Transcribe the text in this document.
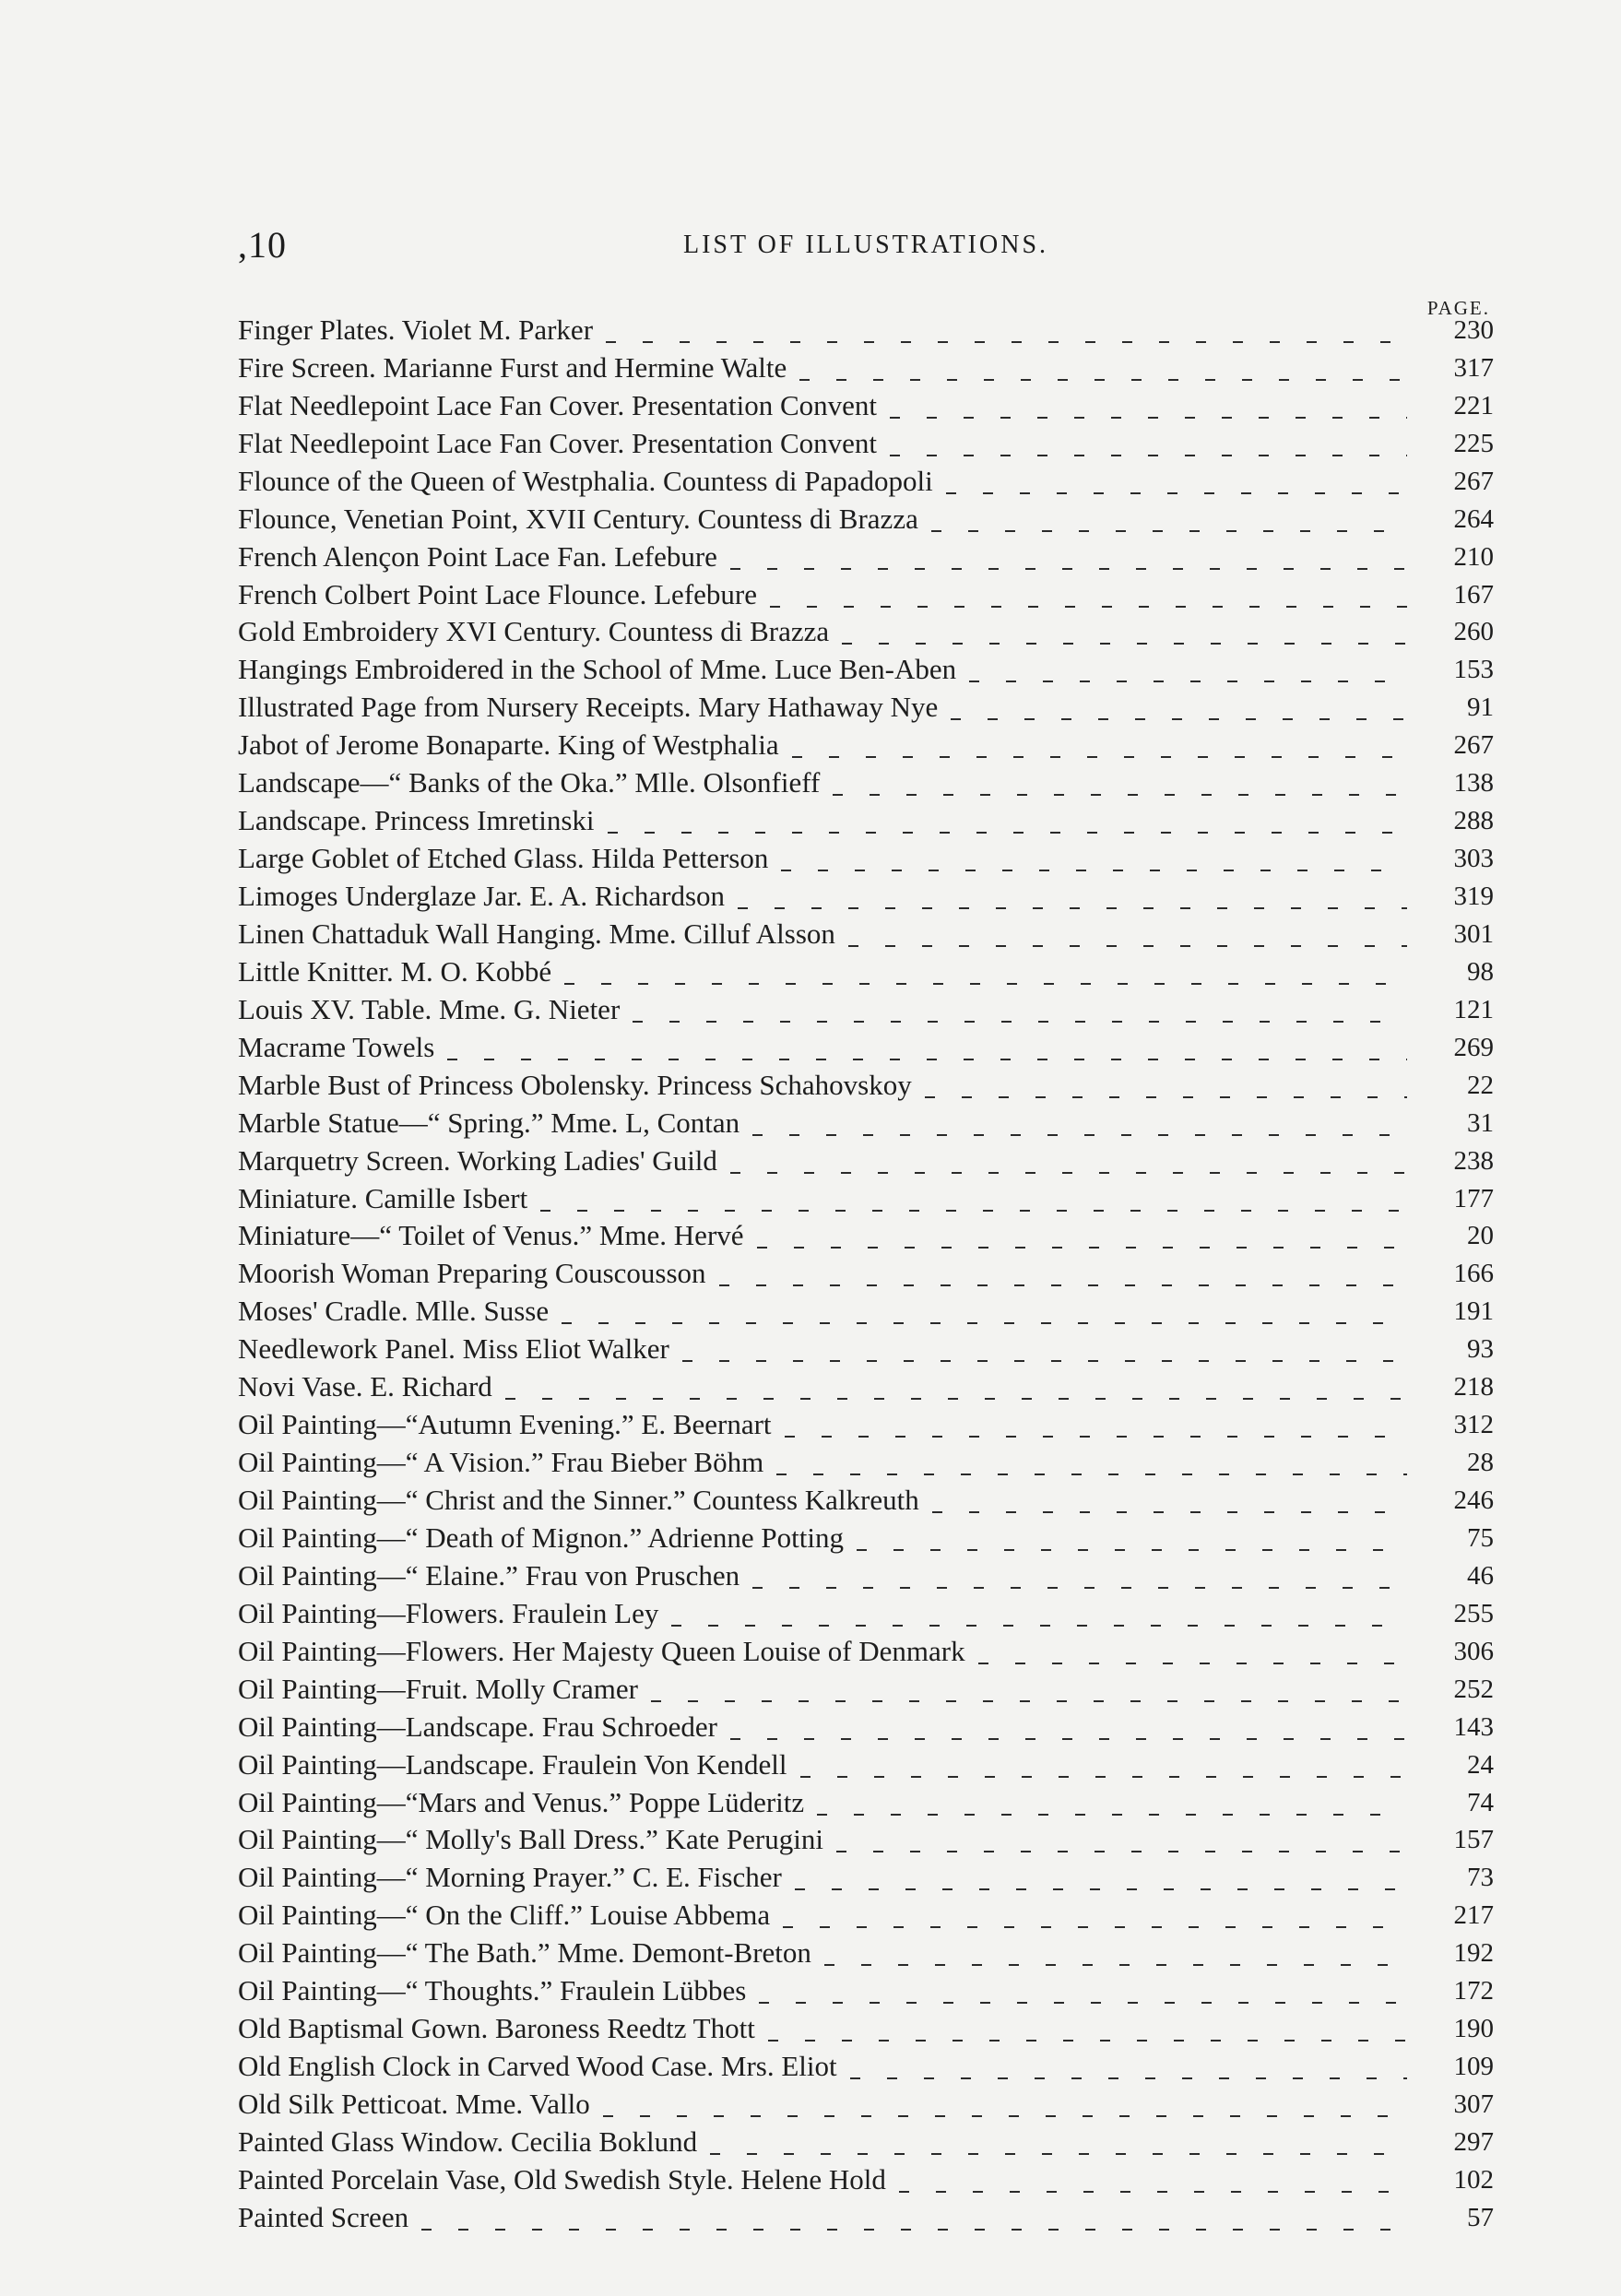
,10	LIST OF ILLUSTRATIONS.
PAGE.
Finger Plates. Violet M. Parker	230
Fire Screen. Marianne Furst and Hermine Walte	317
Flat Needlepoint Lace Fan Cover. Presentation Convent	221
Flat Needlepoint Lace Fan Cover. Presentation Convent	225
Flounce of the Queen of Westphalia. Countess di Papadopoli	267
Flounce, Venetian Point, XVII Century. Countess di Brazza	264
French Alençon Point Lace Fan. Lefebure	210
French Colbert Point Lace Flounce. Lefebure	167
Gold Embroidery XVI Century. Countess di Brazza	260
Hangings Embroidered in the School of Mme. Luce Ben-Aben	153
Illustrated Page from Nursery Receipts. Mary Hathaway Nye	91
Jabot of Jerome Bonaparte. King of Westphalia	267
Landscape—“ Banks of the Oka.” Mlle. Olsonfieff	138
Landscape. Princess Imretinski	288
Large Goblet of Etched Glass. Hilda Petterson	303
Limoges Underglaze Jar. E. A. Richardson	319
Linen Chattaduk Wall Hanging. Mme. Cilluf Alsson	301
Little Knitter. M. O. Kobbé	98
Louis XV. Table. Mme. G. Nieter	121
Macrame Towels	269
Marble Bust of Princess Obolensky. Princess Schahovskoy	22
Marble Statue—“ Spring.” Mme. L, Contan	31
Marquetry Screen. Working Ladies' Guild	238
Miniature. Camille Isbert	177
Miniature—“ Toilet of Venus.” Mme. Hervé	20
Moorish Woman Preparing Couscousson	166
Moses' Cradle. Mlle. Susse	191
Needlework Panel. Miss Eliot Walker	93
Novi Vase. E. Richard	218
Oil Painting—“Autumn Evening.” E. Beernart	312
Oil Painting—“ A Vision.” Frau Bieber Böhm	28
Oil Painting—“ Christ and the Sinner.” Countess Kalkreuth	246
Oil Painting—“ Death of Mignon.” Adrienne Potting	75
Oil Painting—“ Elaine.” Frau von Pruschen	46
Oil Painting—Flowers. Fraulein Ley	255
Oil Painting—Flowers. Her Majesty Queen Louise of Denmark	306
Oil Painting—Fruit. Molly Cramer	252
Oil Painting—Landscape. Frau Schroeder	143
Oil Painting—Landscape. Fraulein Von Kendell	24
Oil Painting—“Mars and Venus.” Poppe Lüderitz	74
Oil Painting—“ Molly's Ball Dress.” Kate Perugini	157
Oil Painting—“ Morning Prayer.” C. E. Fischer	73
Oil Painting—“ On the Cliff.” Louise Abbema	217
Oil Painting—“ The Bath.” Mme. Demont-Breton	192
Oil Painting—“ Thoughts.” Fraulein Lübbes	172
Old Baptismal Gown. Baroness Reedtz Thott	190
Old English Clock in Carved Wood Case. Mrs. Eliot	109
Old Silk Petticoat. Mme. Vallo	307
Painted Glass Window. Cecilia Boklund	297
Painted Porcelain Vase, Old Swedish Style. Helene Hold	102
Painted Screen	57
